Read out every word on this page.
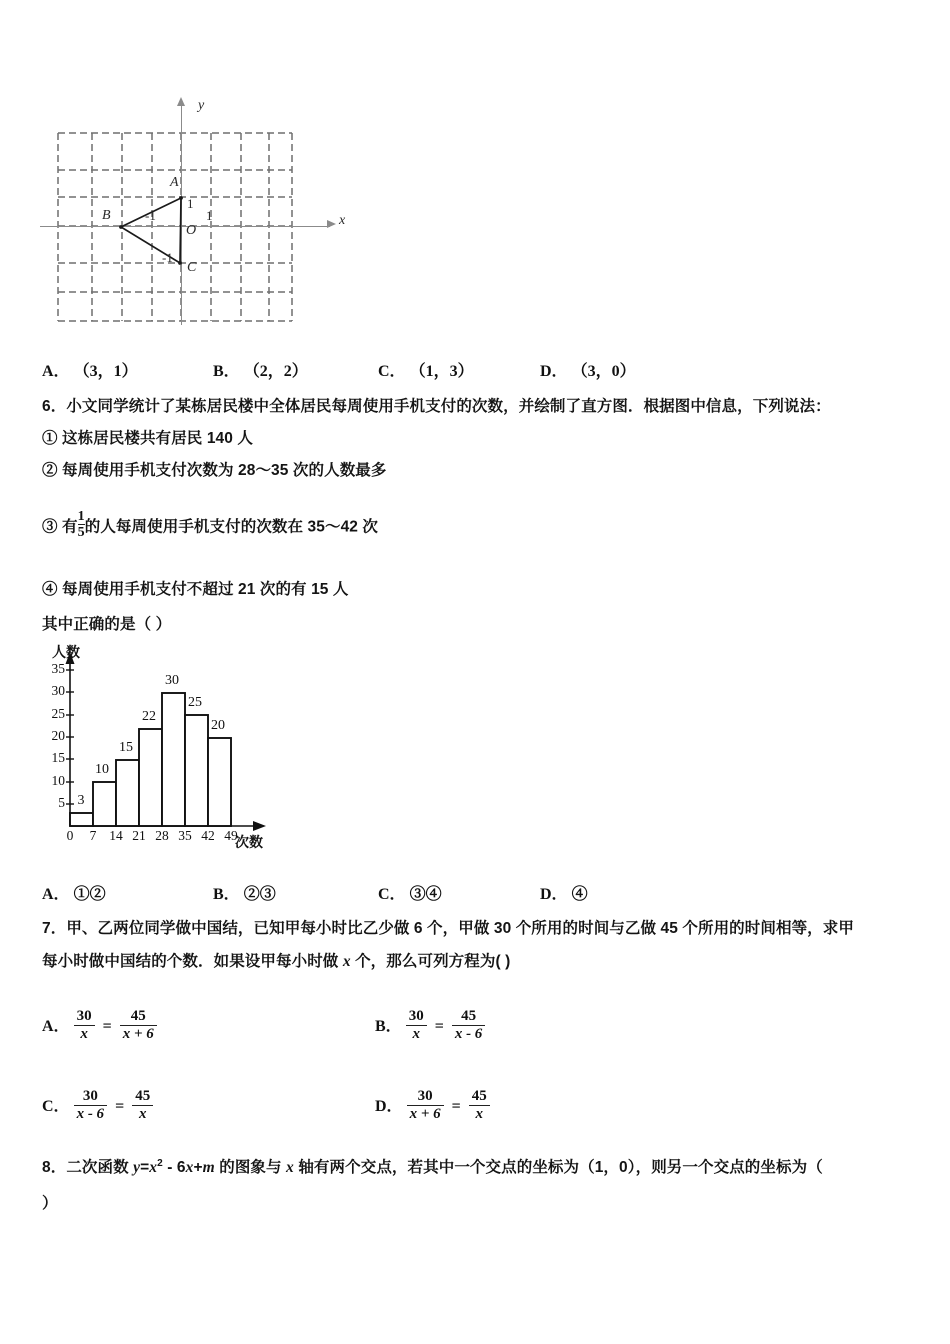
A
B
C
O
y
x
1
1
-1
-1
A． （3，1）	B． （2，2）	C． （1，3）	D． （3，0）
6．小文同学统计了某栋居民楼中全体居民每周使用手机支付的次数，并绘制了直方图．根据图中信息，下列说法：
① 这栋居民楼共有居民 140 人
② 每周使用手机支付次数为 28～35 次的人数最多
③ 有 $\frac{1}{5}$ 的人每周使用手机支付的次数在 35～42 次
④ 每周使用手机支付不超过 21 次的有 15 人
其中正确的是（ ）
人数
次数
35
30
25
20
15
10
5
0	7 14 21 28 35 42 49
3
10
15
22
30
25
20
A． ①②	B． ②③	C． ③④	D． ④
7．甲、乙两位同学做中国结，已知甲每小时比乙少做 6 个，甲做 30 个所用的时间与乙做 45 个所用的时间相等，求甲
每小时做中国结的个数．如果设甲每小时做 x 个，那么可列方程为( )
A． $\frac{30}{x} = \frac{45}{x + 6}$	B． $\frac{30}{x} = \frac{45}{x - 6}$
C． $\frac{30}{x - 6} = \frac{45}{x}$	D． $\frac{30}{x + 6} = \frac{45}{x}$
8．二次函数 $y=x^2 - 6x+m$ 的图象与 x 轴有两个交点，若其中一个交点的坐标为（1，0），则另一个交点的坐标为（
）
